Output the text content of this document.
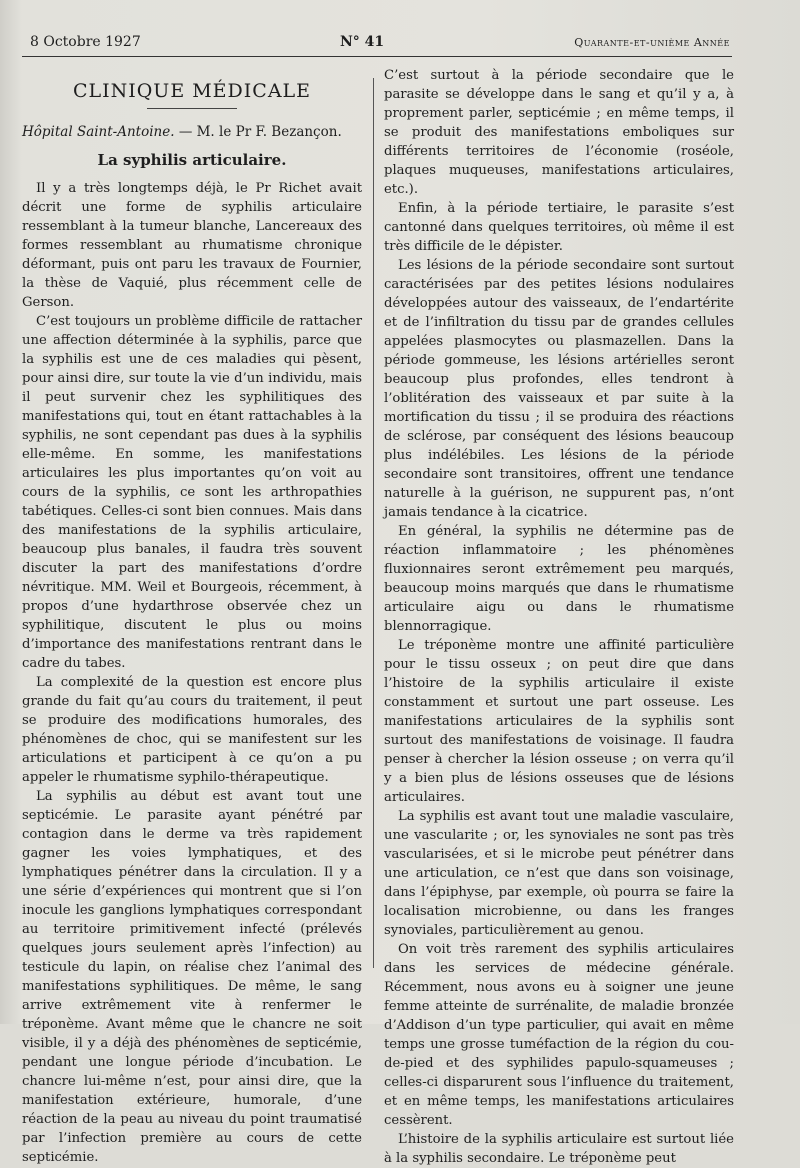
8 Octobre 1927	N° 41	Quarante-et-unième Année
CLINIQUE MÉDICALE

Hôpital Saint-Antoine. — M. le Pr F. Bezançon.

La syphilis articulaire.

Il y a très longtemps déjà, le Pr Richet avait décrit une forme de syphilis articulaire ressemblant à la tumeur blanche, Lancereaux des formes ressemblant au rhumatisme chronique déformant, puis ont paru les travaux de Fournier, la thèse de Vaquié, plus récemment celle de Gerson.

C’est toujours un problème difficile de rattacher une affection déterminée à la syphilis, parce que la syphilis est une de ces maladies qui pèsent, pour ainsi dire, sur toute la vie d’un individu, mais il peut survenir chez les syphilitiques des manifestations qui, tout en étant rattachables à la syphilis, ne sont cependant pas dues à la syphilis elle-même. En somme, les manifestations articulaires les plus importantes qu’on voit au cours de la syphilis, ce sont les arthropathies tabétiques. Celles-ci sont bien connues. Mais dans des manifestations de la syphilis articulaire, beaucoup plus banales, il faudra très souvent discuter la part des manifestations d’ordre névritique. MM. Weil et Bourgeois, récemment, à propos d’une hydarthrose observée chez un syphilitique, discutent le plus ou moins d’importance des manifestations rentrant dans le cadre du tabes.

La complexité de la question est encore plus grande du fait qu’au cours du traitement, il peut se produire des modifications humorales, des phénomènes de choc, qui se manifestent sur les articulations et participent à ce qu’on a pu appeler le rhumatisme syphilo-thérapeutique.

La syphilis au début est avant tout une septicémie. Le parasite ayant pénétré par contagion dans le derme va très rapidement gagner les voies lymphatiques, et des lymphatiques pénétrer dans la circulation. Il y a une série d’expériences qui montrent que si l’on inocule les ganglions lymphatiques correspondant au territoire primitivement infecté (prélevés quelques jours seulement après l’infection) au testicule du lapin, on réalise chez l’animal des manifestations syphilitiques. De même, le sang arrive extrêmement vite à renfermer le tréponème. Avant même que le chancre ne soit visible, il y a déjà des phénomènes de septicémie, pendant une longue période d’incubation. Le chancre lui-même n’est, pour ainsi dire, que la manifestation extérieure, humorale, d’une réaction de la peau au niveau du point traumatisé par l’infection première au cours de cette septicémie.

C’est surtout à la période secondaire que le parasite se développe dans le sang et qu’il y a, à proprement parler, septicémie ; en même temps, il se produit des manifestations emboliques sur différents territoires de l’économie (roséole, plaques muqueuses, manifestations articulaires, etc.).

Enfin, à la période tertiaire, le parasite s’est cantonné dans quelques territoires, où même il est très difficile de le dépister.

Les lésions de la période secondaire sont surtout caractérisées par des petites lésions nodulaires développées autour des vaisseaux, de l’endartérite et de l’infiltration du tissu par de grandes cellules appelées plasmocytes ou plasmazellen. Dans la période gommeuse, les lésions artérielles seront beaucoup plus profondes, elles tendront à l’oblitération des vaisseaux et par suite à la mortification du tissu ; il se produira des réactions de sclérose, par conséquent des lésions beaucoup plus indélébiles. Les lésions de la période secondaire sont transitoires, offrent une tendance naturelle à la guérison, ne suppurent pas, n’ont jamais tendance à la cicatrice.

En général, la syphilis ne détermine pas de réaction inflammatoire ; les phénomènes fluxionnaires seront extrêmement peu marqués, beaucoup moins marqués que dans le rhumatisme articulaire aigu ou dans le rhumatisme blennorragique.

Le tréponème montre une affinité particulière pour le tissu osseux ; on peut dire que dans l’histoire de la syphilis articulaire il existe constamment et surtout une part osseuse. Les manifestations articulaires de la syphilis sont surtout des manifestations de voisinage. Il faudra penser à chercher la lésion osseuse ; on verra qu’il y a bien plus de lésions osseuses que de lésions articulaires.

La syphilis est avant tout une maladie vasculaire, une vascularite ; or, les synoviales ne sont pas très vascularisées, et si le microbe peut pénétrer dans une articulation, ce n’est que dans son voisinage, dans l’épiphyse, par exemple, où pourra se faire la localisation microbienne, ou dans les franges synoviales, particulièrement au genou.

On voit très rarement des syphilis articulaires dans les services de médecine générale. Récemment, nous avons eu à soigner une jeune femme atteinte de surrénalite, de maladie bronzée d’Addison d’un type particulier, qui avait en même temps une grosse tuméfaction de la région du cou-de-pied et des syphilides papulo-squameuses ; celles-ci disparurent sous l’influence du traitement, et en même temps, les manifestations articulaires cessèrent.

L’histoire de la syphilis articulaire est surtout liée à la syphilis secondaire. Le tréponème peut
